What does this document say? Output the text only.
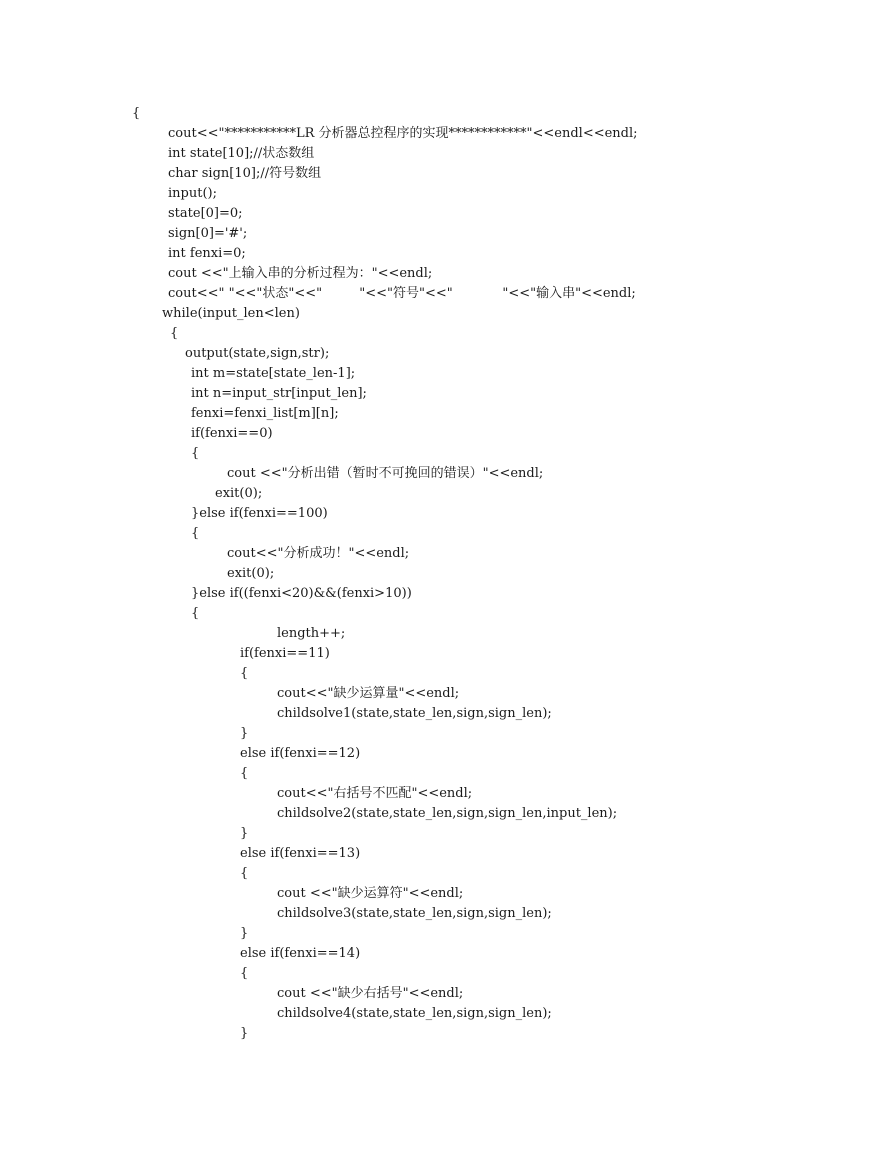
{
cout<<"***********LR 分析器总控程序的实现************"<<endl<<endl;
int state[10];//状态数组
char sign[10];//符号数组
input();
state[0]=0;
sign[0]='#';
int fenxi=0;
cout <<"上输入串的分析过程为："<<endl;
cout<<" "<<"状态"<<"         "<<"符号"<<"            "<<"输入串"<<endl;
while(input_len<len)
{
output(state,sign,str);
int m=state[state_len-1];
int n=input_str[input_len];
fenxi=fenxi_list[m][n];
if(fenxi==0)
{
cout <<"分析出错（暂时不可挽回的错误）"<<endl;
exit(0);
}else if(fenxi==100)
{
cout<<"分析成功！"<<endl;
exit(0);
}else if((fenxi<20)&&(fenxi>10))
{
length++;
if(fenxi==11)
{
cout<<"缺少运算量"<<endl;
childsolve1(state,state_len,sign,sign_len);
}
else if(fenxi==12)
{
cout<<"右括号不匹配"<<endl;
childsolve2(state,state_len,sign,sign_len,input_len);
}
else if(fenxi==13)
{
cout <<"缺少运算符"<<endl;
childsolve3(state,state_len,sign,sign_len);
}
else if(fenxi==14)
{
cout <<"缺少右括号"<<endl;
childsolve4(state,state_len,sign,sign_len);
}
